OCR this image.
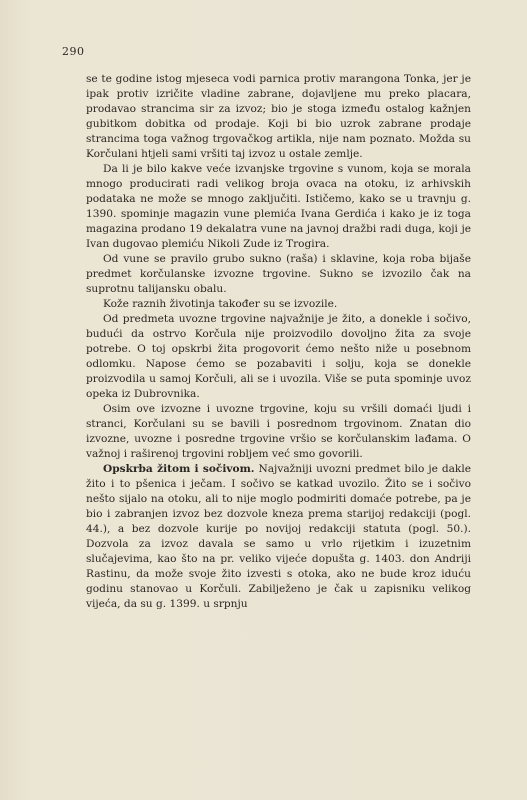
290

se te godine istog mjeseca vodi parnica protiv marangona Tonka, jer je ipak protiv izričite vladine zabrane, dojavljene mu preko placara, prodavao strancima sir za izvoz; bio je stoga između ostalog kažnjen gubitkom dobitka od prodaje. Koji bi bio uzrok zabrane prodaje strancima toga važnog trgovačkog artikla, nije nam poznato. Možda su Korčulani htjeli sami vršiti taj izvoz u ostale zemlje.

Da li je bilo kakve veće izvanjske trgovine s vunom, koja se morala mnogo producirati radi velikog broja ovaca na otoku, iz arhivskih podataka ne može se mnogo zaključiti. Ističemo, kako se u travnju g. 1390. spominje magazin vune plemića Ivana Gerdića i kako je iz toga magazina prodano 19 dekalatra vune na javnoj dražbi radi duga, koji je Ivan dugovao plemiću Nikoli Zude iz Trogira.

Od vune se pravilo grubo sukno (raša) i sklavine, koja roba bijaše predmet korčulanske izvozne trgovine. Sukno se izvozilo čak na suprotnu talijansku obalu.

Kože raznih životinja također su se izvozile.

Od predmeta uvozne trgovine najvažnije je žito, a donekle i sočivo, budući da ostrvo Korčula nije proizvodilo dovoljno žita za svoje potrebe. O toj opskrbi žita progovorit ćemo nešto niže u posebnom odlomku. Napose ćemo se pozabaviti i solju, koja se donekle proizvodila u samoj Korčuli, ali se i uvozila. Više se puta spominje uvoz opeka iz Dubrovnika.

Osim ove izvozne i uvozne trgovine, koju su vršili domaći ljudi i stranci, Korčulani su se bavili i posrednom trgovinom. Znatan dio izvozne, uvozne i posredne trgovine vršio se korčulanskim lađama. O važnoj i raširenoj trgovini robljem već smo govorili.

Opskrba žitom i sočivom. Najvažniji uvozni predmet bilo je dakle žito i to pšenica i ječam. I sočivo se katkad uvozilo. Žito se i sočivo nešto sijalo na otoku, ali to nije moglo podmiriti domaće potrebe, pa je bio i zabranjen izvoz bez dozvole kneza prema starijoj redakciji (pogl. 44.), a bez dozvole kurije po novijoj redakciji statuta (pogl. 50.). Dozvola za izvoz davala se samo u vrlo rijetkim i izuzetnim slučajevima, kao što na pr. veliko vijeće dopušta g. 1403. don Andriji Rastinu, da može svoje žito izvesti s otoka, ako ne bude kroz iduću godinu stanovao u Korčuli. Zabilježeno je čak u zapisniku velikog vijeća, da su g. 1399. u srpnju
